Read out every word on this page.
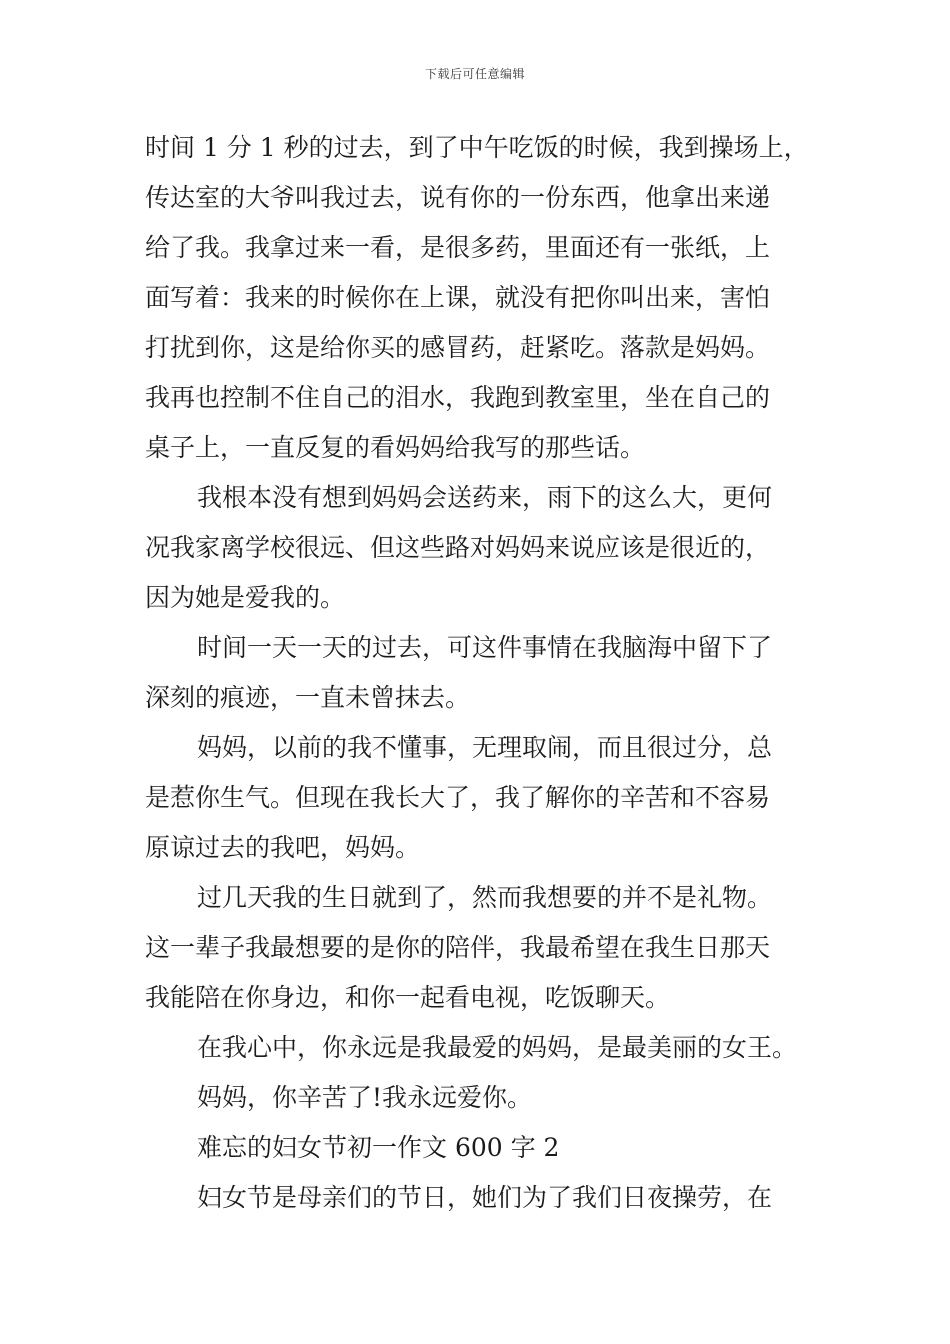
下载后可任意编辑
时间 1 分 1 秒的过去，到了中午吃饭的时候，我到操场上，
传达室的大爷叫我过去，说有你的一份东西，他拿出来递
给了我。我拿过来一看，是很多药，里面还有一张纸，上
面写着：我来的时候你在上课，就没有把你叫出来，害怕
打扰到你，这是给你买的感冒药，赶紧吃。落款是妈妈。
我再也控制不住自己的泪水，我跑到教室里，坐在自己的
桌子上，一直反复的看妈妈给我写的那些话。
我根本没有想到妈妈会送药来，雨下的这么大，更何
况我家离学校很远、但这些路对妈妈来说应该是很近的，
因为她是爱我的。
时间一天一天的过去，可这件事情在我脑海中留下了
深刻的痕迹，一直未曾抹去。
妈妈，以前的我不懂事，无理取闹，而且很过分，总
是惹你生气。但现在我长大了，我了解你的辛苦和不容易
原谅过去的我吧，妈妈。
过几天我的生日就到了，然而我想要的并不是礼物。
这一辈子我最想要的是你的陪伴，我最希望在我生日那天
我能陪在你身边，和你一起看电视，吃饭聊天。
在我心中，你永远是我最爱的妈妈，是最美丽的女王。
妈妈，你辛苦了!我永远爱你。
难忘的妇女节初一作文 600 字 2
妇女节是母亲们的节日，她们为了我们日夜操劳，在
